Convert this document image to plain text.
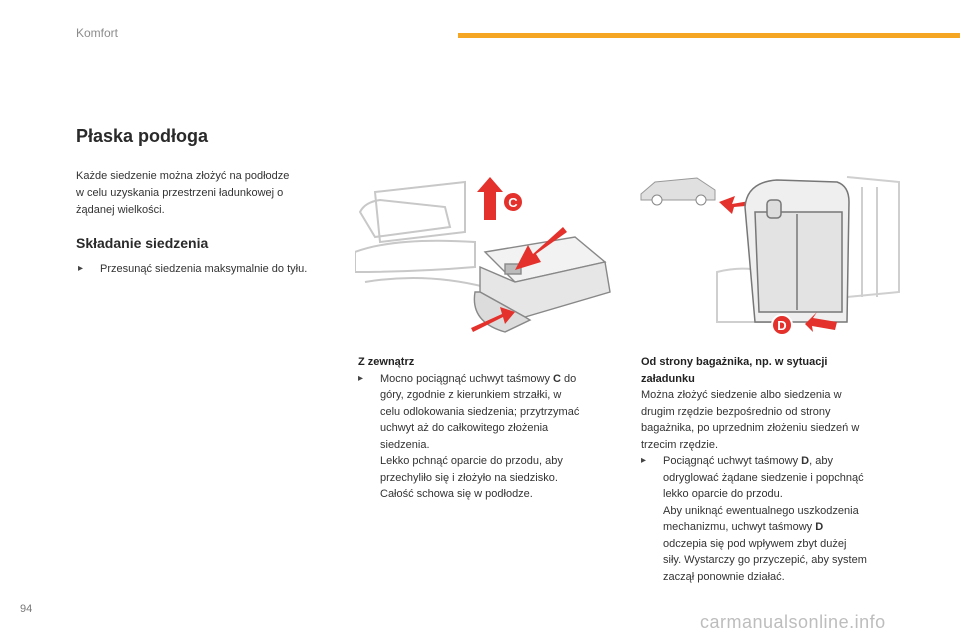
Komfort
Płaska podłoga
Każde siedzenie można złożyć na podłodze
w celu uzyskania przestrzeni ładunkowej o
żądanej wielkości.
Składanie siedzenia
▸	Przesunąć siedzenia maksymalnie do tyłu.
C
D
Z zewnątrz
▸	Mocno pociągnąć uchwyt taśmowy C do
góry, zgodnie z kierunkiem strzałki, w
celu odlokowania siedzenia; przytrzymać
uchwyt aż do całkowitego złożenia
siedzenia.
Lekko pchnąć oparcie do przodu, aby
przechyliło się i złożyło na siedzisko.
Całość schowa się w podłodze.
Od strony bagażnika, np. w sytuacji
załadunku
Można złożyć siedzenie albo siedzenia w
drugim rzędzie bezpośrednio od strony
bagażnika, po uprzednim złożeniu siedzeń w
trzecim rzędzie.
▸	Pociągnąć uchwyt taśmowy D, aby
odryglować żądane siedzenie i popchnąć
lekko oparcie do przodu.
Aby uniknąć ewentualnego uszkodzenia
mechanizmu, uchwyt taśmowy D
odczepia się pod wpływem zbyt dużej
siły. Wystarczy go przyczepić, aby system
zaczął ponownie działać.
94
carmanualsonline.info
